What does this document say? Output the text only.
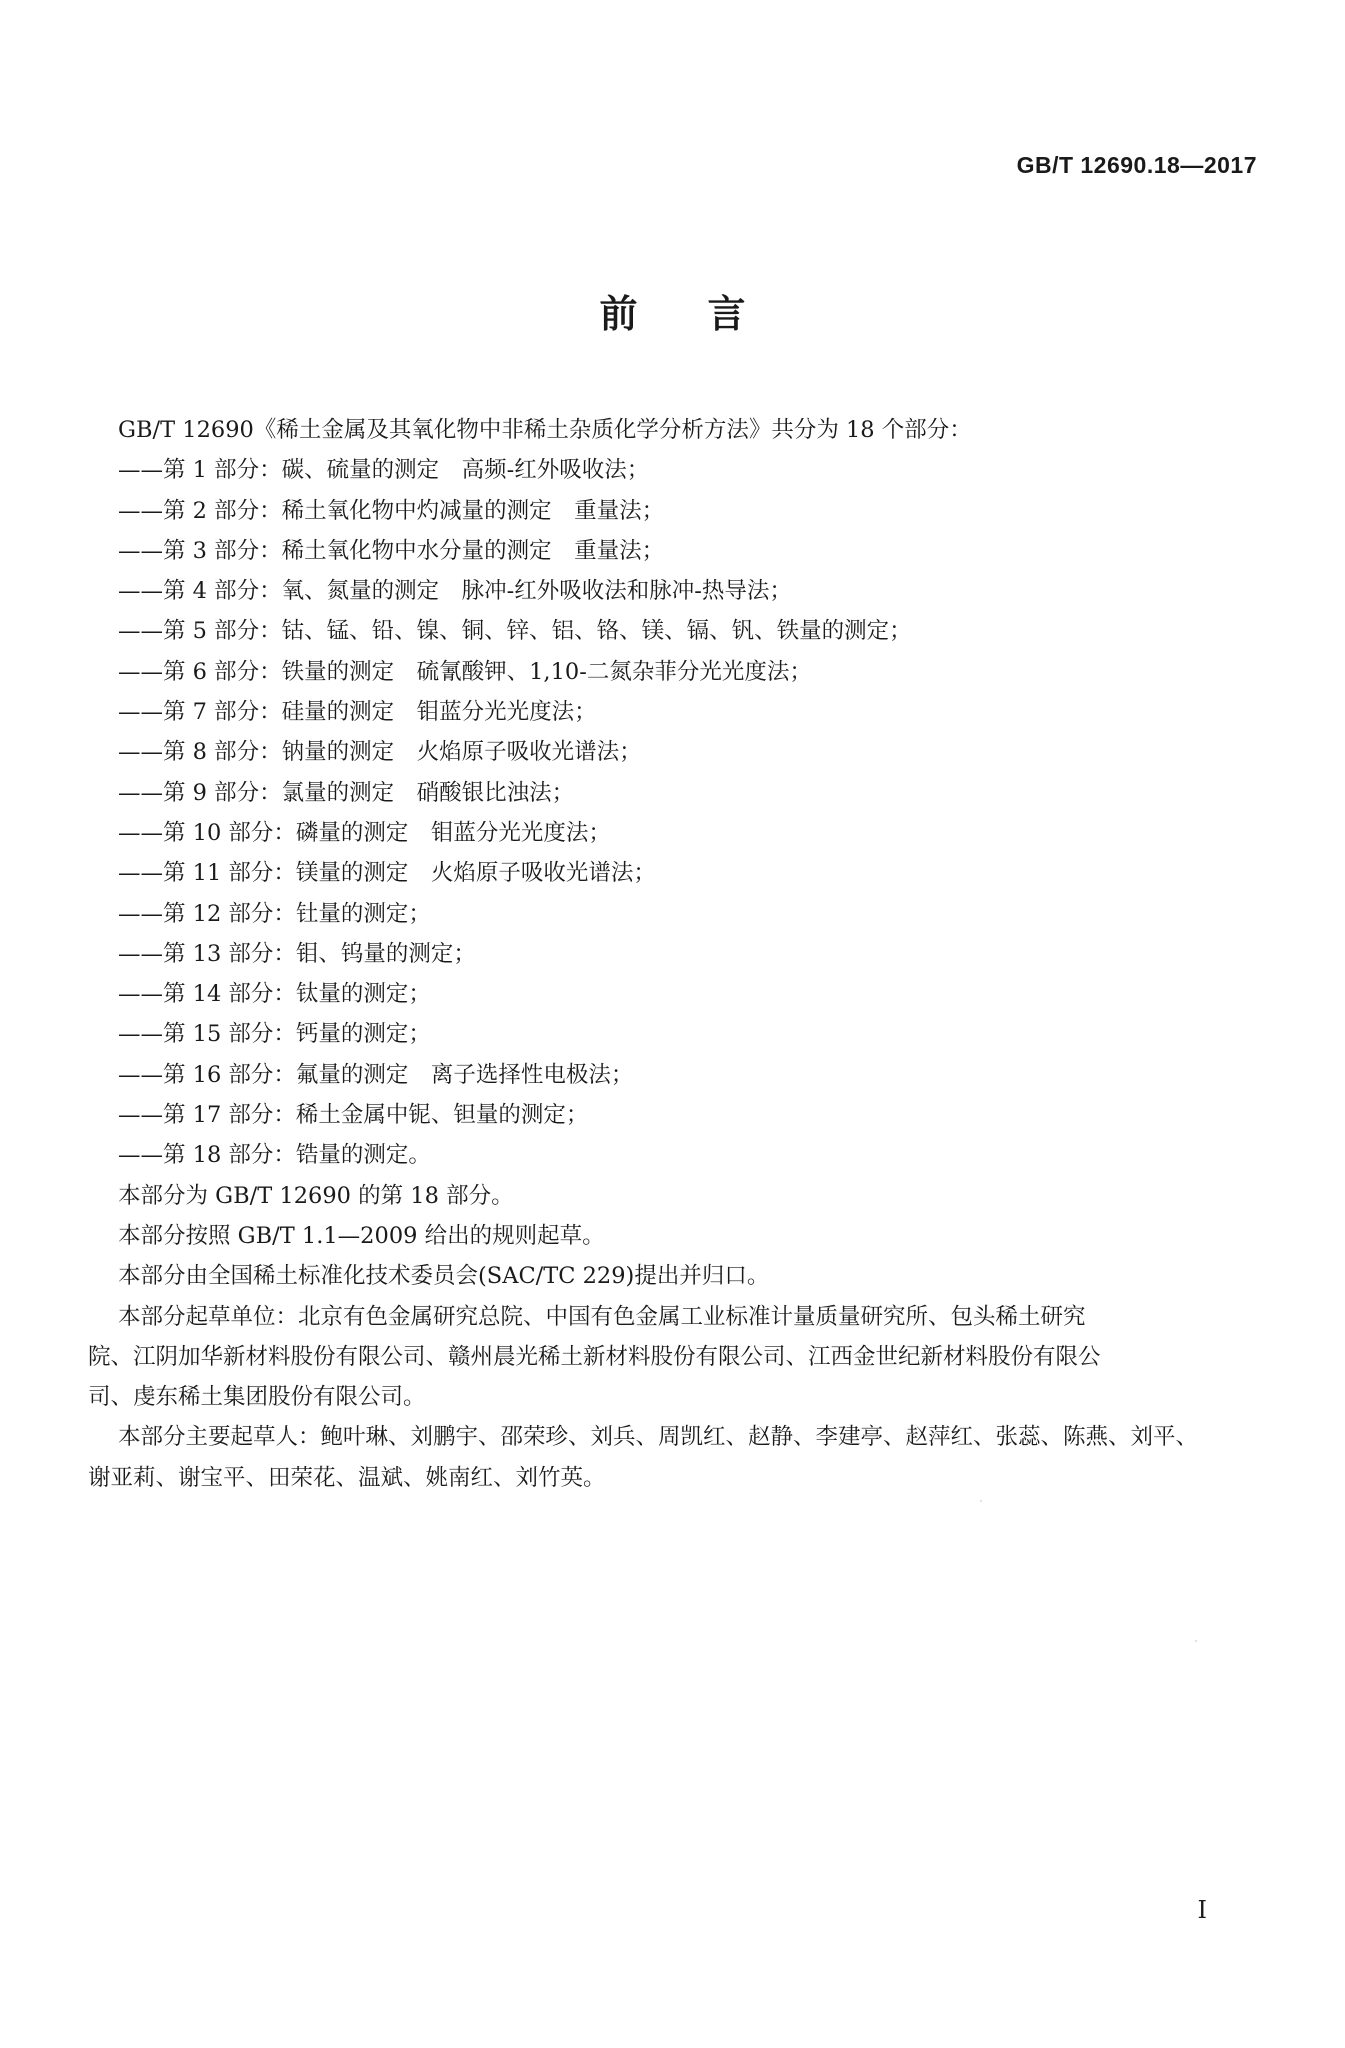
GB/T 12690.18—2017
前言
GB/T 12690《稀土金属及其氧化物中非稀土杂质化学分析方法》共分为 18 个部分：
——第 1 部分：碳、硫量的测定　高频-红外吸收法；
——第 2 部分：稀土氧化物中灼减量的测定　重量法；
——第 3 部分：稀土氧化物中水分量的测定　重量法；
——第 4 部分：氧、氮量的测定　脉冲-红外吸收法和脉冲-热导法；
——第 5 部分：钴、锰、铅、镍、铜、锌、铝、铬、镁、镉、钒、铁量的测定；
——第 6 部分：铁量的测定　硫氰酸钾、1,10-二氮杂菲分光光度法；
——第 7 部分：硅量的测定　钼蓝分光光度法；
——第 8 部分：钠量的测定　火焰原子吸收光谱法；
——第 9 部分：氯量的测定　硝酸银比浊法；
——第 10 部分：磷量的测定　钼蓝分光光度法；
——第 11 部分：镁量的测定　火焰原子吸收光谱法；
——第 12 部分：钍量的测定；
——第 13 部分：钼、钨量的测定；
——第 14 部分：钛量的测定；
——第 15 部分：钙量的测定；
——第 16 部分：氟量的测定　离子选择性电极法；
——第 17 部分：稀土金属中铌、钽量的测定；
——第 18 部分：锆量的测定。
本部分为 GB/T 12690 的第 18 部分。
本部分按照 GB/T 1.1—2009 给出的规则起草。
本部分由全国稀土标准化技术委员会(SAC/TC 229)提出并归口。
本部分起草单位：北京有色金属研究总院、中国有色金属工业标准计量质量研究所、包头稀土研究
院、江阴加华新材料股份有限公司、赣州晨光稀土新材料股份有限公司、江西金世纪新材料股份有限公
司、虔东稀土集团股份有限公司。
本部分主要起草人：鲍叶琳、刘鹏宇、邵荣珍、刘兵、周凯红、赵静、李建亭、赵萍红、张蕊、陈燕、刘平、
谢亚莉、谢宝平、田荣花、温斌、姚南红、刘竹英。
I
